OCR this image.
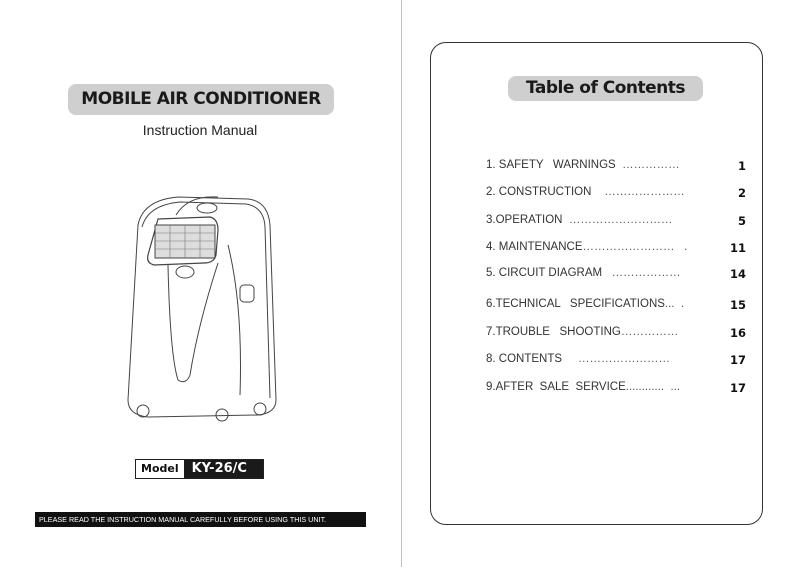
MOBILE AIR CONDITIONER
Instruction Manual
Model	KY-26/C
PLEASE READ THE INSTRUCTION MANUAL CAREFULLY BEFORE USING THIS UNIT.
Table of Contents
1. SAFETY   WARNINGS ……………	1
2. CONSTRUCTION …………………	2
3.OPERATION ………………………	5
4. MAINTENANCE ……………………   .	11
5. CIRCUIT DIAGRAM ………………	14
6.TECHNICAL   SPECIFICATIONS ...  .	15
7.TROUBLE   SHOOTING ……………	16
8. CONTENTS ……………………	17
9.AFTER  SALE  SERVICE ............  ...	17
